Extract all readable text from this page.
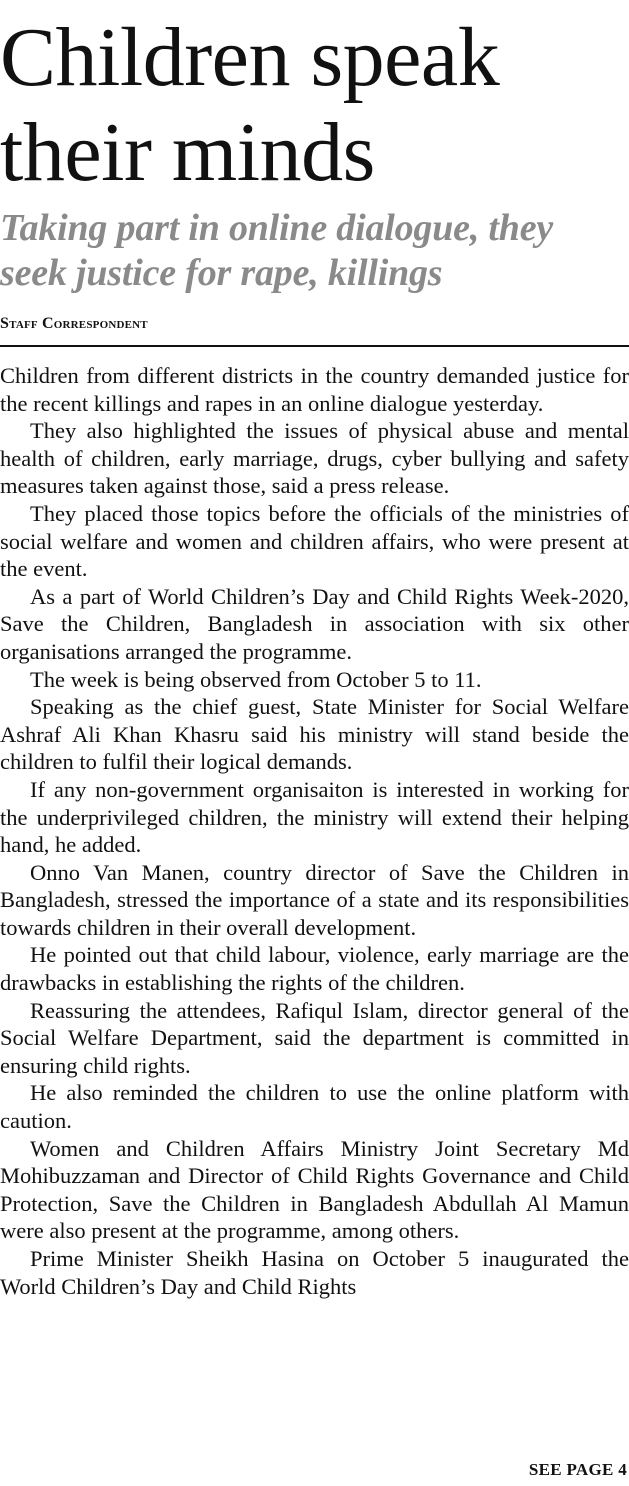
Children speak their minds
Taking part in online dialogue, they seek justice for rape, killings
Staff Correspondent

Children from different districts in the country demanded justice for the recent killings and rapes in an online dialogue yesterday.

They also highlighted the issues of physical abuse and mental health of children, early marriage, drugs, cyber bullying and safety measures taken against those, said a press release.

They placed those topics before the officials of the ministries of social welfare and women and children affairs, who were present at the event.

As a part of World Children’s Day and Child Rights Week-2020, Save the Children, Bangladesh in association with six other organisations arranged the programme.

The week is being observed from October 5 to 11.

Speaking as the chief guest, State Minister for Social Welfare Ashraf Ali Khan Khasru said his ministry will stand beside the children to fulfil their logical demands.

If any non-government organisaiton is interested in working for the underprivileged children, the ministry will extend their helping hand, he added.

Onno Van Manen, country director of Save the Children in Bangladesh, stressed the importance of a state and its responsibilities towards children in their overall development.

He pointed out that child labour, violence, early marriage are the drawbacks in establishing the rights of the children.

Reassuring the attendees, Rafiqul Islam, director general of the Social Welfare Department, said the department is committed in ensuring child rights.

He also reminded the children to use the online platform with caution.

Women and Children Affairs Ministry Joint Secretary Md Mohibuzzaman and Director of Child Rights Governance and Child Protection, Save the Children in Bangladesh Abdullah Al Mamun were also present at the programme, among others.

Prime Minister Sheikh Hasina on October 5 inaugurated the World Children’s Day and Child Rights

SEE PAGE 4
